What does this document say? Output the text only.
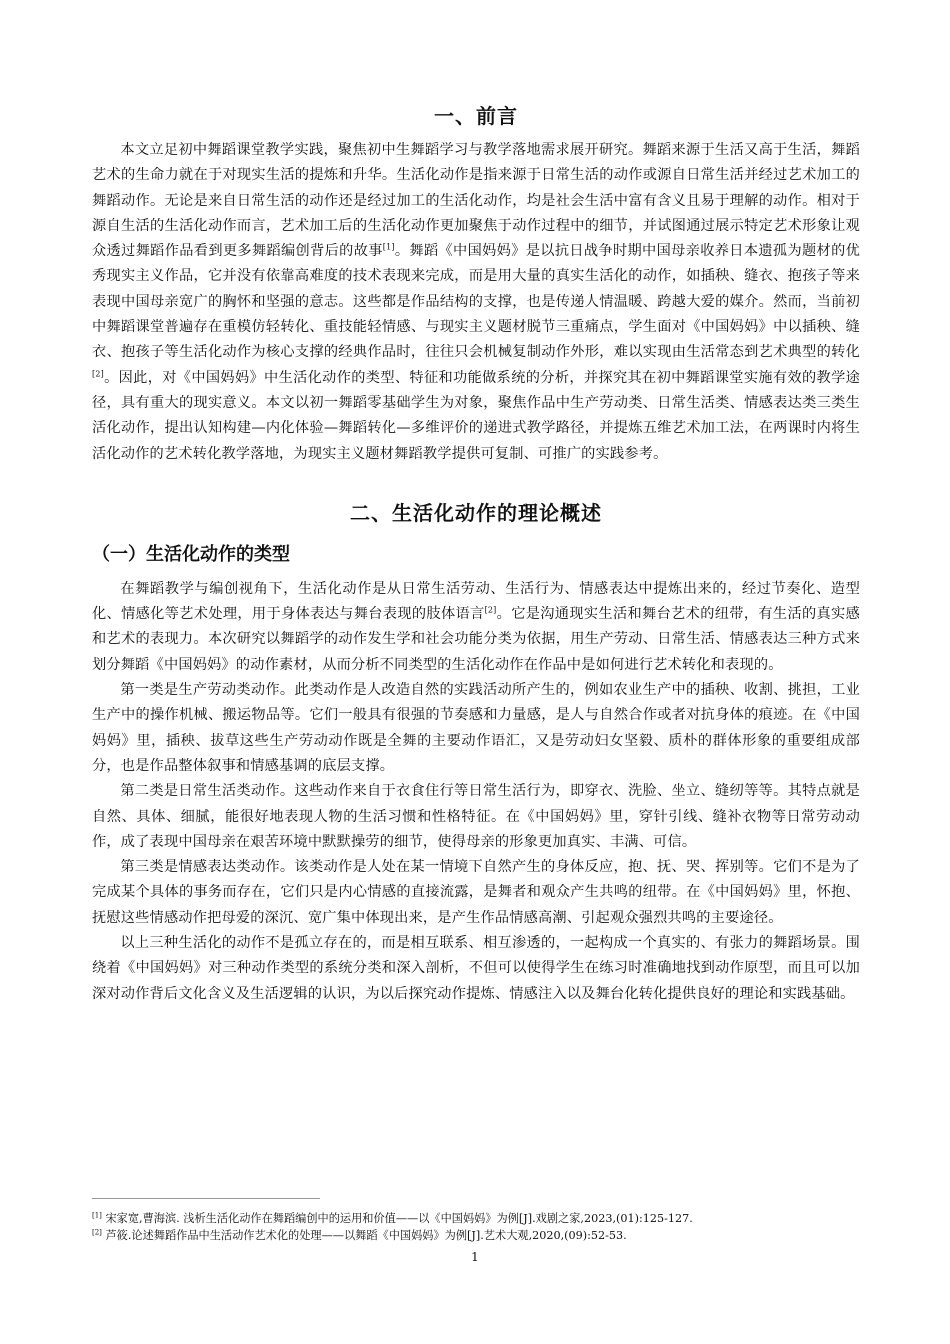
一、前言

本文立足初中舞蹈课堂教学实践，聚焦初中生舞蹈学习与教学落地需求展开研究。舞蹈来源于生活又高于生活，舞蹈艺术的生命力就在于对现实生活的提炼和升华。生活化动作是指来源于日常生活的动作或源自日常生活并经过艺术加工的舞蹈动作。无论是来自日常生活的动作还是经过加工的生活化动作，均是社会生活中富有含义且易于理解的动作。相对于源自生活的生活化动作而言，艺术加工后的生活化动作更加聚焦于动作过程中的细节，并试图通过展示特定艺术形象让观众透过舞蹈作品看到更多舞蹈编创背后的故事[1]。舞蹈《中国妈妈》是以抗日战争时期中国母亲收养日本遗孤为题材的优秀现实主义作品，它并没有依靠高难度的技术表现来完成，而是用大量的真实生活化的动作，如插秧、缝衣、抱孩子等来表现中国母亲宽广的胸怀和坚强的意志。这些都是作品结构的支撑，也是传递人情温暖、跨越大爱的媒介。然而，当前初中舞蹈课堂普遍存在重模仿轻转化、重技能轻情感、与现实主义题材脱节三重痛点，学生面对《中国妈妈》中以插秧、缝衣、抱孩子等生活化动作为核心支撑的经典作品时，往往只会机械复制动作外形，难以实现由生活常态到艺术典型的转化[2]。因此，对《中国妈妈》中生活化动作的类型、特征和功能做系统的分析，并探究其在初中舞蹈课堂实施有效的教学途径，具有重大的现实意义。本文以初一舞蹈零基础学生为对象，聚焦作品中生产劳动类、日常生活类、情感表达类三类生活化动作，提出认知构建—内化体验—舞蹈转化—多维评价的递进式教学路径，并提炼五维艺术加工法，在两课时内将生活化动作的艺术转化教学落地，为现实主义题材舞蹈教学提供可复制、可推广的实践参考。

二、生活化动作的理论概述
（一）生活化动作的类型

在舞蹈教学与编创视角下，生活化动作是从日常生活劳动、生活行为、情感表达中提炼出来的，经过节奏化、造型化、情感化等艺术处理，用于身体表达与舞台表现的肢体语言[2]。它是沟通现实生活和舞台艺术的纽带，有生活的真实感和艺术的表现力。本次研究以舞蹈学的动作发生学和社会功能分类为依据，用生产劳动、日常生活、情感表达三种方式来划分舞蹈《中国妈妈》的动作素材，从而分析不同类型的生活化动作在作品中是如何进行艺术转化和表现的。

第一类是生产劳动类动作。此类动作是人改造自然的实践活动所产生的，例如农业生产中的插秧、收割、挑担，工业生产中的操作机械、搬运物品等。它们一般具有很强的节奏感和力量感，是人与自然合作或者对抗身体的痕迹。在《中国妈妈》里，插秧、拔草这些生产劳动动作既是全舞的主要动作语汇，又是劳动妇女坚毅、质朴的群体形象的重要组成部分，也是作品整体叙事和情感基调的底层支撑。

第二类是日常生活类动作。这些动作来自于衣食住行等日常生活行为，即穿衣、洗脸、坐立、缝纫等等。其特点就是自然、具体、细腻，能很好地表现人物的生活习惯和性格特征。在《中国妈妈》里，穿针引线、缝补衣物等日常劳动动作，成了表现中国母亲在艰苦环境中默默操劳的细节，使得母亲的形象更加真实、丰满、可信。

第三类是情感表达类动作。该类动作是人处在某一情境下自然产生的身体反应，抱、抚、哭、挥别等。它们不是为了完成某个具体的事务而存在，它们只是内心情感的直接流露，是舞者和观众产生共鸣的纽带。在《中国妈妈》里，怀抱、抚慰这些情感动作把母爱的深沉、宽广集中体现出来，是产生作品情感高潮、引起观众强烈共鸣的主要途径。

以上三种生活化的动作不是孤立存在的，而是相互联系、相互渗透的，一起构成一个真实的、有张力的舞蹈场景。围绕着《中国妈妈》对三种动作类型的系统分类和深入剖析，不但可以使得学生在练习时准确地找到动作原型，而且可以加深对动作背后文化含义及生活逻辑的认识，为以后探究动作提炼、情感注入以及舞台化转化提供良好的理论和实践基础。

[1] 宋家宽,曹海滨. 浅析生活化动作在舞蹈编创中的运用和价值——以《中国妈妈》为例[J].戏剧之家,2023,(01):125-127.
[2] 芦筱.论述舞蹈作品中生活动作艺术化的处理——以舞蹈《中国妈妈》为例[J].艺术大观,2020,(09):52-53.
1
